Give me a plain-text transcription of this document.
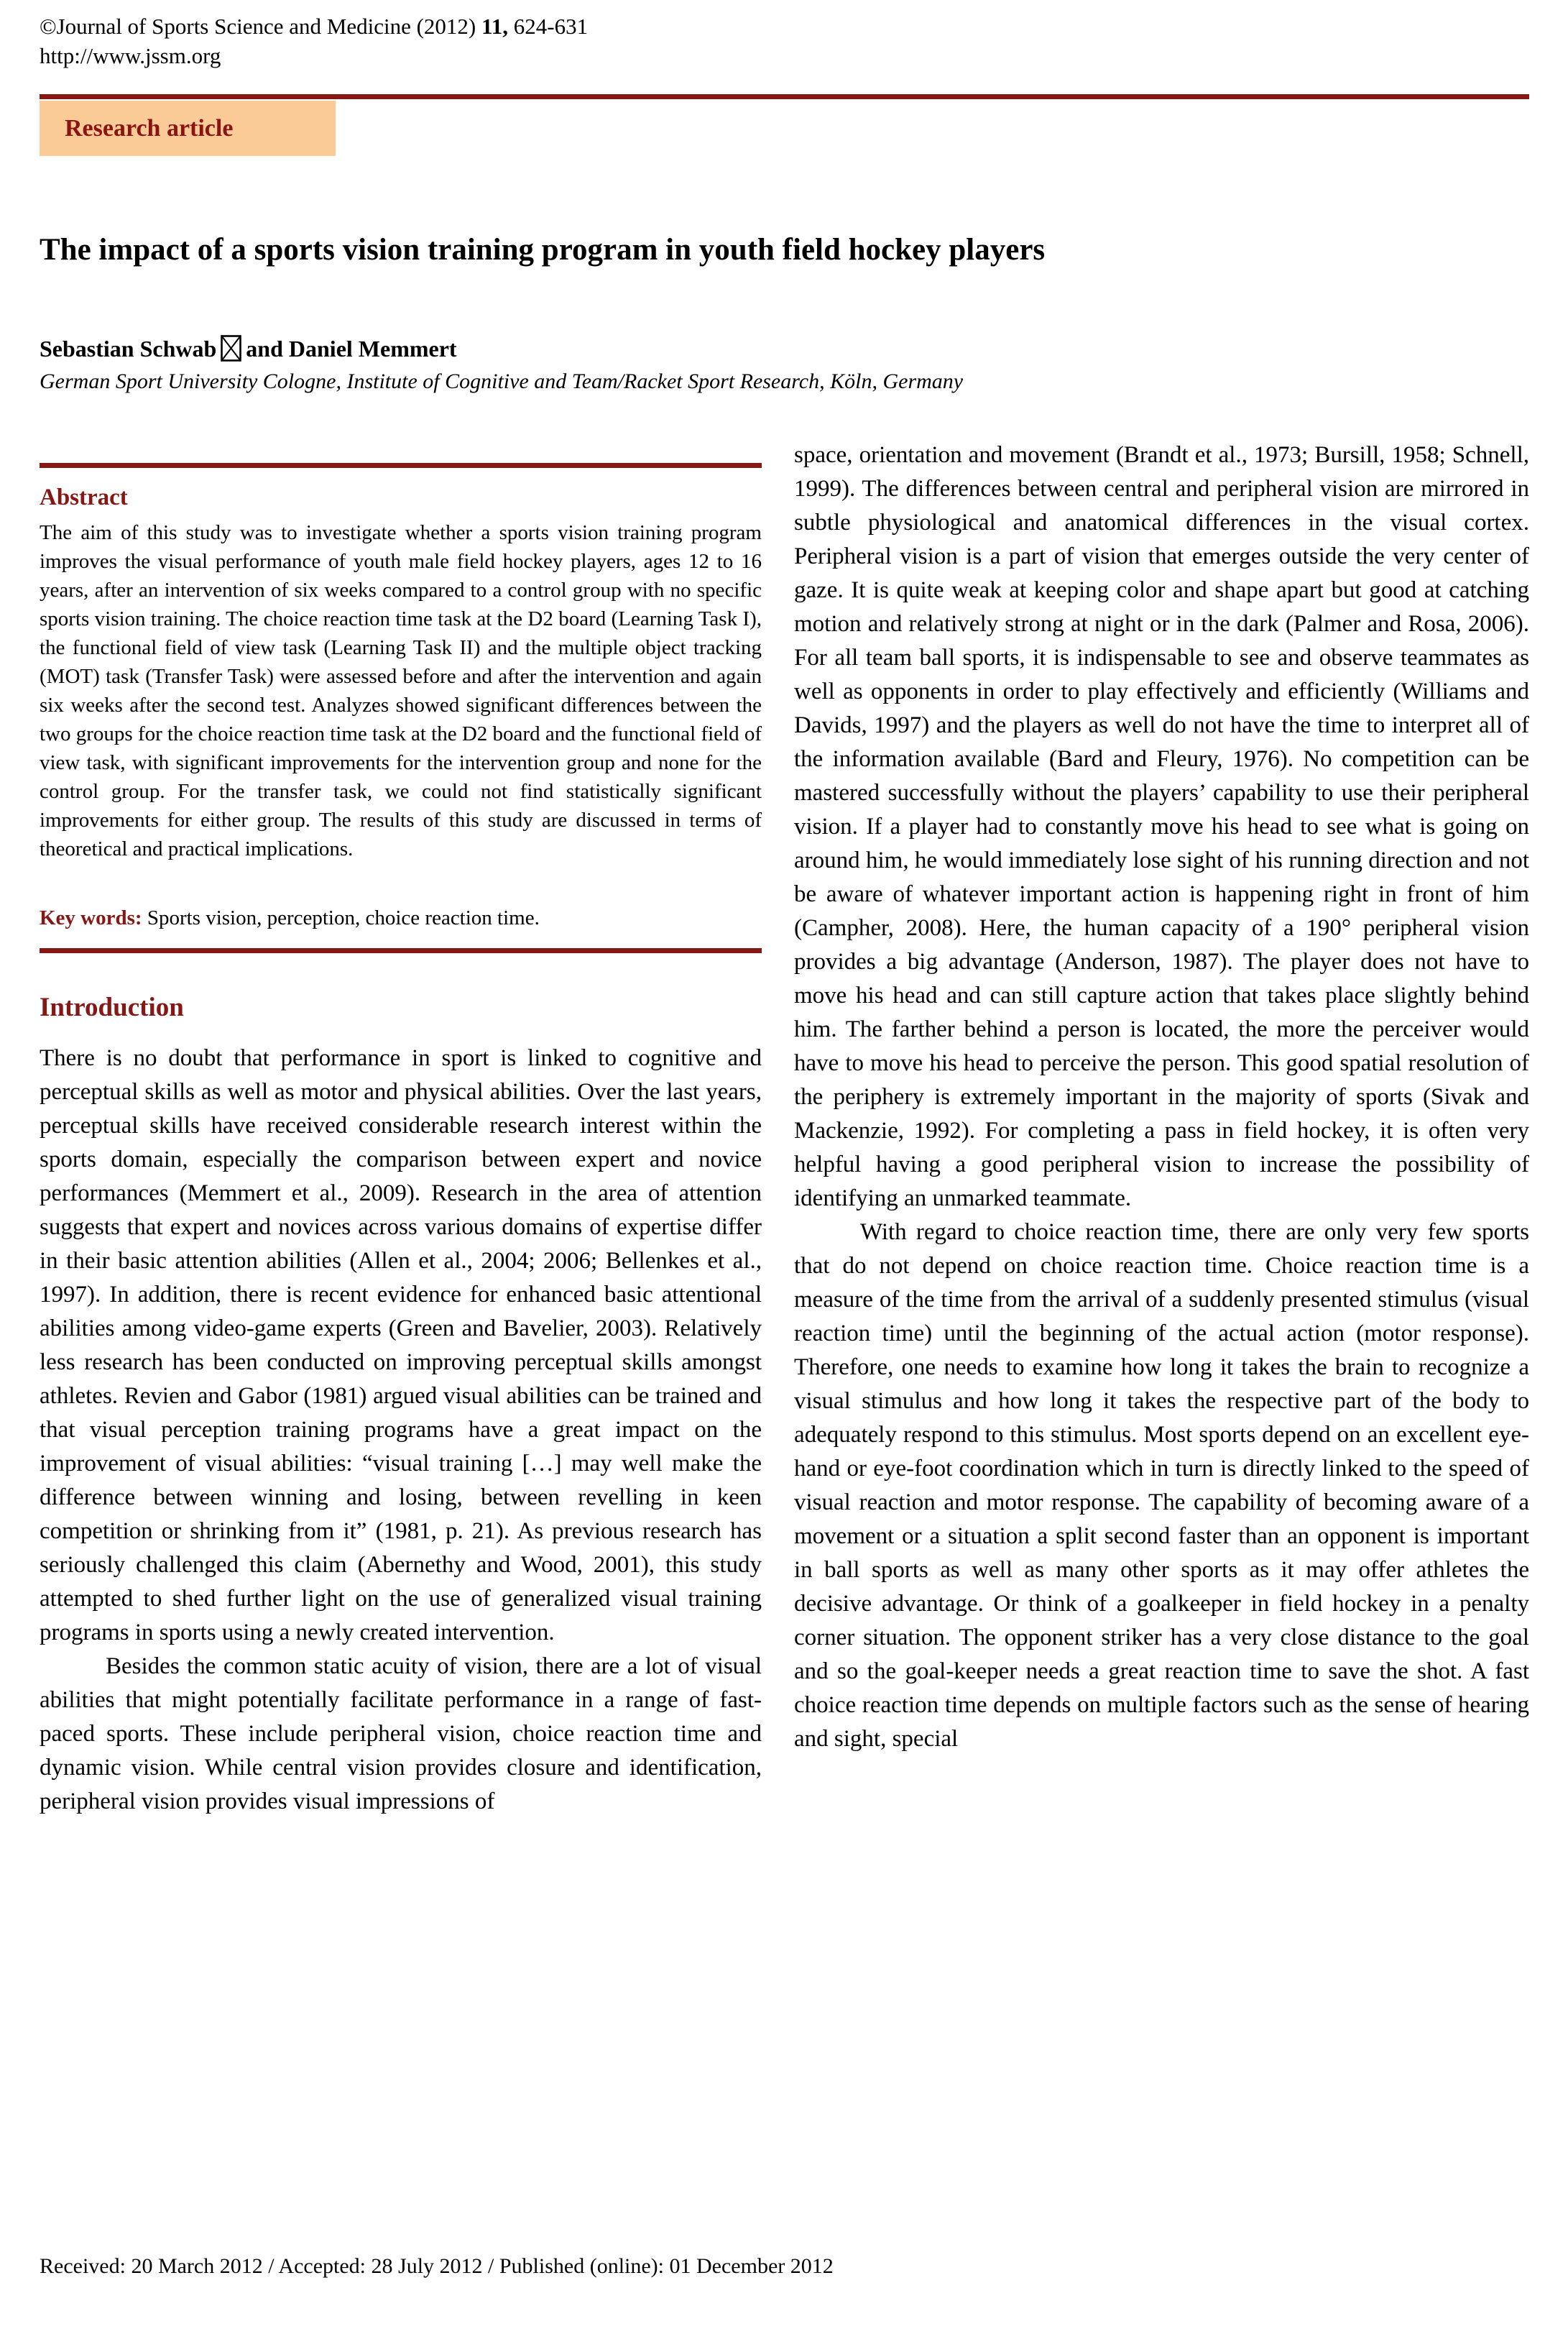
©Journal of Sports Science and Medicine (2012) 11, 624-631
http://www.jssm.org
Research article
The impact of a sports vision training program in youth field hockey players
Sebastian Schwab and Daniel Memmert
German Sport University Cologne, Institute of Cognitive and Team/Racket Sport Research, Köln, Germany
Abstract

The aim of this study was to investigate whether a sports vision training program improves the visual performance of youth male field hockey players, ages 12 to 16 years, after an intervention of six weeks compared to a control group with no specific sports vision training. The choice reaction time task at the D2 board (Learning Task I), the functional field of view task (Learning Task II) and the multiple object tracking (MOT) task (Transfer Task) were assessed before and after the intervention and again six weeks after the second test. Analyzes showed significant differences between the two groups for the choice reaction time task at the D2 board and the functional field of view task, with significant improvements for the intervention group and none for the control group. For the transfer task, we could not find statistically significant improvements for either group. The results of this study are discussed in terms of theoretical and practical implications.

Key words: Sports vision, perception, choice reaction time.

Introduction

There is no doubt that performance in sport is linked to cognitive and perceptual skills as well as motor and physical abilities. Over the last years, perceptual skills have received considerable research interest within the sports domain, especially the comparison between expert and novice performances (Memmert et al., 2009). Research in the area of attention suggests that expert and novices across various domains of expertise differ in their basic attention abilities (Allen et al., 2004; 2006; Bellenkes et al., 1997). In addition, there is recent evidence for enhanced basic attentional abilities among video-game experts (Green and Bavelier, 2003). Relatively less research has been conducted on improving perceptual skills amongst athletes. Revien and Gabor (1981) argued visual abilities can be trained and that visual perception training programs have a great impact on the improvement of visual abilities: “visual training […] may well make the difference between winning and losing, between revelling in keen competition or shrinking from it” (1981, p. 21). As previous research has seriously challenged this claim (Abernethy and Wood, 2001), this study attempted to shed further light on the use of generalized visual training programs in sports using a newly created intervention.

Besides the common static acuity of vision, there are a lot of visual abilities that might potentially facilitate performance in a range of fast-paced sports. These include peripheral vision, choice reaction time and dynamic vision. While central vision provides closure and identification, peripheral vision provides visual impressions of

space, orientation and movement (Brandt et al., 1973; Bursill, 1958; Schnell, 1999). The differences between central and peripheral vision are mirrored in subtle physiological and anatomical differences in the visual cortex. Peripheral vision is a part of vision that emerges outside the very center of gaze. It is quite weak at keeping color and shape apart but good at catching motion and relatively strong at night or in the dark (Palmer and Rosa, 2006). For all team ball sports, it is indispensable to see and observe teammates as well as opponents in order to play effectively and efficiently (Williams and Davids, 1997) and the players as well do not have the time to interpret all of the information available (Bard and Fleury, 1976). No competition can be mastered successfully without the players’ capability to use their peripheral vision. If a player had to constantly move his head to see what is going on around him, he would immediately lose sight of his running direction and not be aware of whatever important action is happening right in front of him (Campher, 2008). Here, the human capacity of a 190° peripheral vision provides a big advantage (Anderson, 1987). The player does not have to move his head and can still capture action that takes place slightly behind him. The farther behind a person is located, the more the perceiver would have to move his head to perceive the person. This good spatial resolution of the periphery is extremely important in the majority of sports (Sivak and Mackenzie, 1992). For completing a pass in field hockey, it is often very helpful having a good peripheral vision to increase the possibility of identifying an unmarked teammate.

With regard to choice reaction time, there are only very few sports that do not depend on choice reaction time. Choice reaction time is a measure of the time from the arrival of a suddenly presented stimulus (visual reaction time) until the beginning of the actual action (motor response). Therefore, one needs to examine how long it takes the brain to recognize a visual stimulus and how long it takes the respective part of the body to adequately respond to this stimulus. Most sports depend on an excellent eye-hand or eye-foot coordination which in turn is directly linked to the speed of visual reaction and motor response. The capability of becoming aware of a movement or a situation a split second faster than an opponent is important in ball sports as well as many other sports as it may offer athletes the decisive advantage. Or think of a goalkeeper in field hockey in a penalty corner situation. The opponent striker has a very close distance to the goal and so the goal-keeper needs a great reaction time to save the shot. A fast choice reaction time depends on multiple factors such as the sense of hearing and sight, special

Received: 20 March 2012 / Accepted: 28 July 2012 / Published (online): 01 December 2012
